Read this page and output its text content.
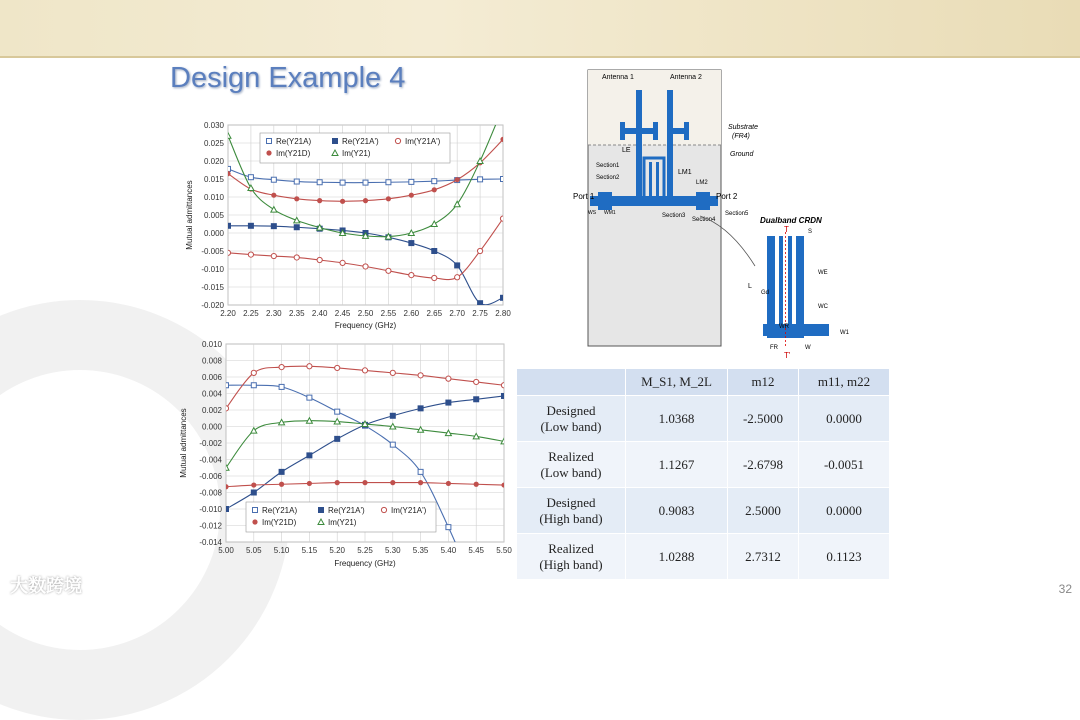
Design Example 4
2.20 2.25 2.30 2.35 2.40 2.45 2.50 2.55 2.60 2.65 2.70 2.75 2.80
0.030
0.025
0.020
0.015
0.010
0.005
0.000
-0.005
-0.010
-0.015
-0.020
Frequency (GHz)
Mutual admittances
Re(Y21A)	Re(Y21A')	Im(Y21A')
Im(Y21D)	Im(Y21)
5.00 5.05 5.10 5.15 5.20 5.25 5.30 5.35 5.40 5.45 5.50
0.010
0.008
0.006
0.004
0.002
0.000
-0.002
-0.004
-0.006
-0.008
-0.010
-0.012
-0.014
Frequency (GHz)
Mutual admittances
Re(Y21A)	Re(Y21A')	Im(Y21A')
Im(Y21D)	Im(Y21)
Antenna 1	Antenna 2
Substrate
(FR4)
Ground
Port 1	Port 2
Section1
Section2
Section3
Section4
Section5
LE
LM1
LM2
WS WM1
Dualband CRDN
T
T'
S
L
W
WC
WE
W1
FR
Gd
WR
	M_S1, M_2L	m12	m11, m22
Designed
(Low band)	1.0368	-2.5000	0.0000
Realized
(Low band)	1.1267	-2.6798	-0.0051
Designed
(High band)	0.9083	2.5000	0.0000
Realized
(High band)	1.0288	2.7312	0.1123
大数跨境	32
